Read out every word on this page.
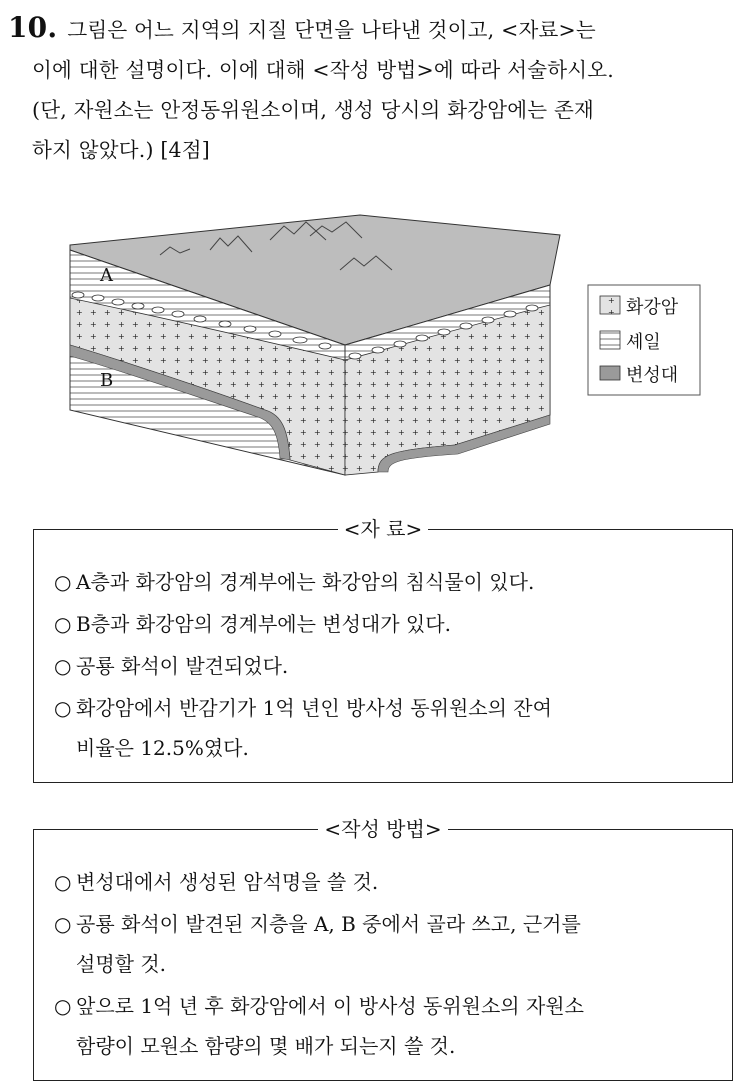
10. 그림은 어느 지역의 지질 단면을 나타낸 것이고, <자료>는
이에 대한 설명이다. 이에 대해 <작성 방법>에 따라 서술하시오.
(단, 자원소는 안정동위원소이며, 생성 당시의 화강암에는 존재
하지 않았다.) [4점]
A
B
화강암
셰일
변성대
<자 료>
○ A층과 화강암의 경계부에는 화강암의 침식물이 있다.
○ B층과 화강암의 경계부에는 변성대가 있다.
○ 공룡 화석이 발견되었다.
○ 화강암에서 반감기가 1억 년인 방사성 동위원소의 잔여
비율은 12.5%였다.
<작성 방법>
○ 변성대에서 생성된 암석명을 쓸 것.
○ 공룡 화석이 발견된 지층을 A, B 중에서 골라 쓰고, 근거를
설명할 것.
○ 앞으로 1억 년 후 화강암에서 이 방사성 동위원소의 자원소
함량이 모원소 함량의 몇 배가 되는지 쓸 것.
